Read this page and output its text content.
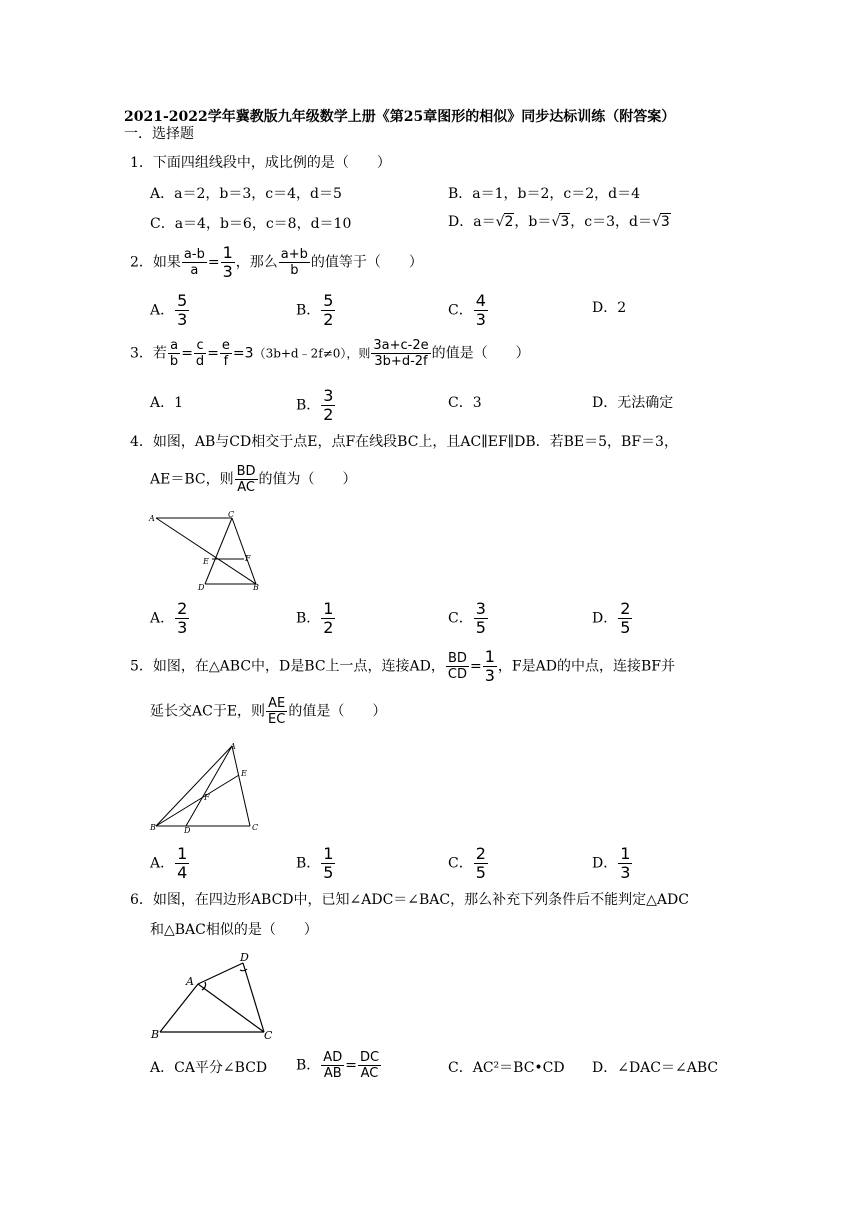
2021-2022学年冀教版九年级数学上册《第25章图形的相似》同步达标训练（附答案）
一．选择题
1．下面四组线段中，成比例的是（　　）
A．a＝2，b＝3，c＝4，d＝5	B．a＝1，b＝2，c＝2，d＝4
C．a＝4，b＝6，c＝8，d＝10	D．a＝√2，b＝√3，c＝3，d＝√3
2．如果 $\frac{a-b}{a} = \frac{1}{3}$ ，那么 $\frac{a+b}{b}$ 的值等于（　　）
A． $\frac{5}{3}$	B． $\frac{5}{2}$	C． $\frac{4}{3}$	D．2
3．若 $\frac{a}{b} = \frac{c}{d} = \frac{e}{f}$ =3（3b+d﹣2f≠0），则 $\frac{3a+c-2e}{3b+d-2f}$ 的值是（　　）
A．1	B． $\frac{3}{2}$	C．3	D．无法确定
4．如图，AB与CD相交于点E，点F在线段BC上，且AC∥EF∥DB．若BE＝5，BF＝3，
AE＝BC，则 $\frac{BD}{AC}$ 的值为（　　）
A	C
E	F
D	B
A． $\frac{2}{3}$	B． $\frac{1}{2}$	C． $\frac{3}{5}$	D． $\frac{2}{5}$
5．如图，在△ABC中，D是BC上一点，连接AD， $\frac{BD}{CD} = \frac{1}{3}$ ，F是AD的中点，连接BF并
延长交AC于E，则 $\frac{AE}{EC}$ 的值是（　　）
A
E
F
B	D	C
A． $\frac{1}{4}$	B． $\frac{1}{5}$	C． $\frac{2}{5}$	D． $\frac{1}{3}$
6．如图，在四边形ABCD中，已知∠ADC＝∠BAC，那么补充下列条件后不能判定△ADC
和△BAC相似的是（　　）
A
B	C
D
A．CA平分∠BCD B． $\frac{AD}{AB} = \frac{DC}{AC}$	C．AC²＝BC•CD D．∠DAC＝∠ABC
